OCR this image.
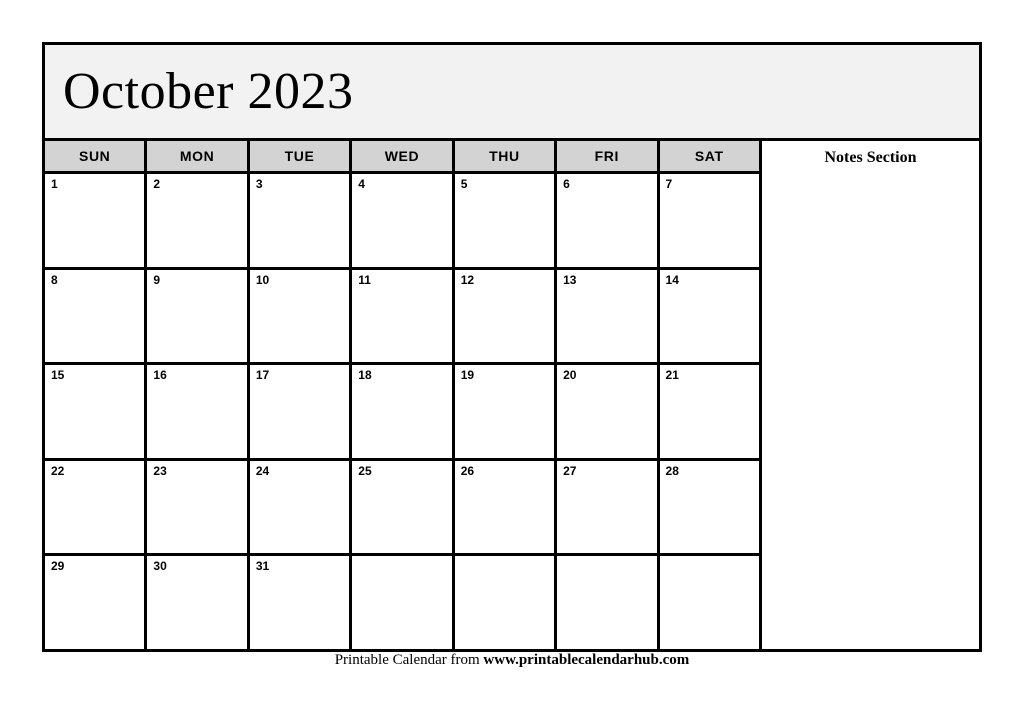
October 2023
SUN	MON	TUE	WED	THU	FRI	SAT
1	2	3	4	5	6	7
8	9	10	11	12	13	14
15	16	17	18	19	20	21
22	23	24	25	26	27	28
29	30	31
Notes Section
Printable Calendar from www.printablecalendarhub.com
